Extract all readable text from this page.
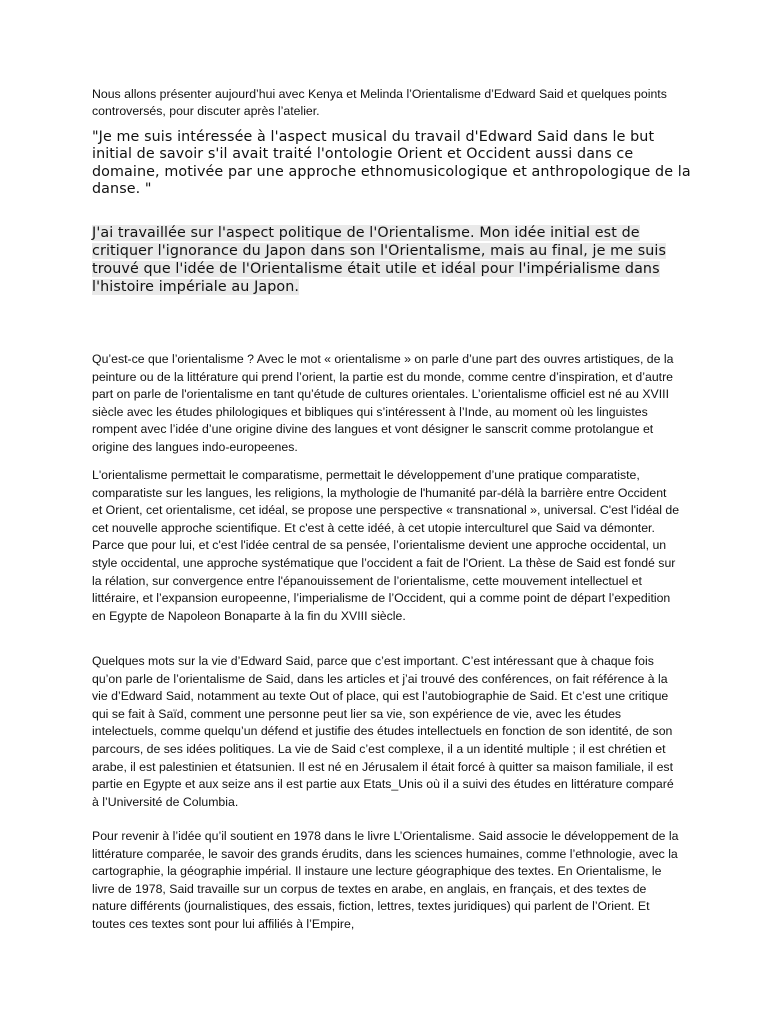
Nous allons présenter aujourd’hui avec Kenya et Melinda l’Orientalisme d’Edward Said et quelques points controversés, pour discuter après l’atelier.

"Je me suis intéressée à l'aspect musical du travail d'Edward Said dans le but initial de savoir s'il avait traité l'ontologie Orient et Occident aussi dans ce domaine, motivée par une approche ethnomusicologique et anthropologique de la danse. "

J'ai travaillée sur l'aspect politique de l'Orientalisme. Mon idée initial est de critiquer l'ignorance du Japon dans son l'Orientalisme, mais au final, je me suis trouvé que l'idée de l'Orientalisme était utile et idéal pour l'impérialisme dans l'histoire impériale au Japon.

Qu’est-ce que l’orientalisme ? Avec le mot « orientalisme » on parle d’une part des ouvres artistiques, de la peinture ou de la littérature qui prend l’orient, la partie est du monde, comme centre d’inspiration, et d’autre part on parle de l'orientalisme en tant qu’étude de cultures orientales. L’orientalisme officiel est né au XVIII siècle avec les études philologiques et bibliques qui s’intéressent à l’Inde, au moment où les linguistes rompent avec l’idée d’une origine divine des langues et vont désigner le sanscrit comme protolangue et origine des langues indo-europeenes.

L'orientalisme permettait le comparatisme, permettait le développement d’une pratique comparatiste, comparatiste sur les langues, les religions, la mythologie de l'humanité par-délà la barrière entre Occident et Orient, cet orientalisme, cet idéal, se propose une perspective « transnational », universal. C'est l'idéal de cet nouvelle approche scientifique. Et c'est à cette idéé, à cet utopie interculturel que Said va démonter. Parce que pour lui, et c'est l'idée central de sa pensée, l’orientalisme devient une approche occidental, un style occidental, une approche systématique que l’occident a fait de l'Orient. La thèse de Said est fondé sur la rélation, sur convergence entre l'épanouissement de l’orientalisme, cette mouvement intellectuel et littéraire, et l’expansion europeenne, l’imperialisme de l’Occident, qui a comme point de départ l’expedition en Egypte de Napoleon Bonaparte à la fin du XVIII siècle.

Quelques mots sur la vie d’Edward Said, parce que c’est important. C’est intéressant que à chaque fois qu’on parle de l’orientalisme de Said, dans les articles et j’ai trouvé des conférences, on fait référence à la vie d’Edward Said, notamment au texte Out of place, qui est l’autobiographie de Said. Et c’est une critique qui se fait à Saïd, comment une personne peut lier sa vie, son expérience de vie, avec les études intelectuels, comme quelqu’un défend et justifie des études intellectuels en fonction de son identité, de son parcours, de ses idées politiques. La vie de Said c’est complexe, il a un identité multiple ; il est chrétien et arabe, il est palestinien et étatsunien. Il est né en Jérusalem il était forcé à quitter sa maison familiale, il est partie en Egypte et aux seize ans il est partie aux Etats_Unis où il a suivi des études en littérature comparé à l’Université de Columbia.

Pour revenir à l’idée qu’il soutient en 1978 dans le livre L’Orientalisme. Said associe le développement de la littérature comparée, le savoir des grands érudits, dans les sciences humaines, comme l’ethnologie, avec la cartographie, la géographie impérial. Il instaure une lecture géographique des textes. En Orientalisme, le livre de 1978, Said travaille sur un corpus de textes en arabe, en anglais, en français, et des textes de nature différents (journalistiques, des essais, fiction, lettres, textes juridiques) qui parlent de l’Orient. Et toutes ces textes sont pour lui affiliés à l’Empire,
